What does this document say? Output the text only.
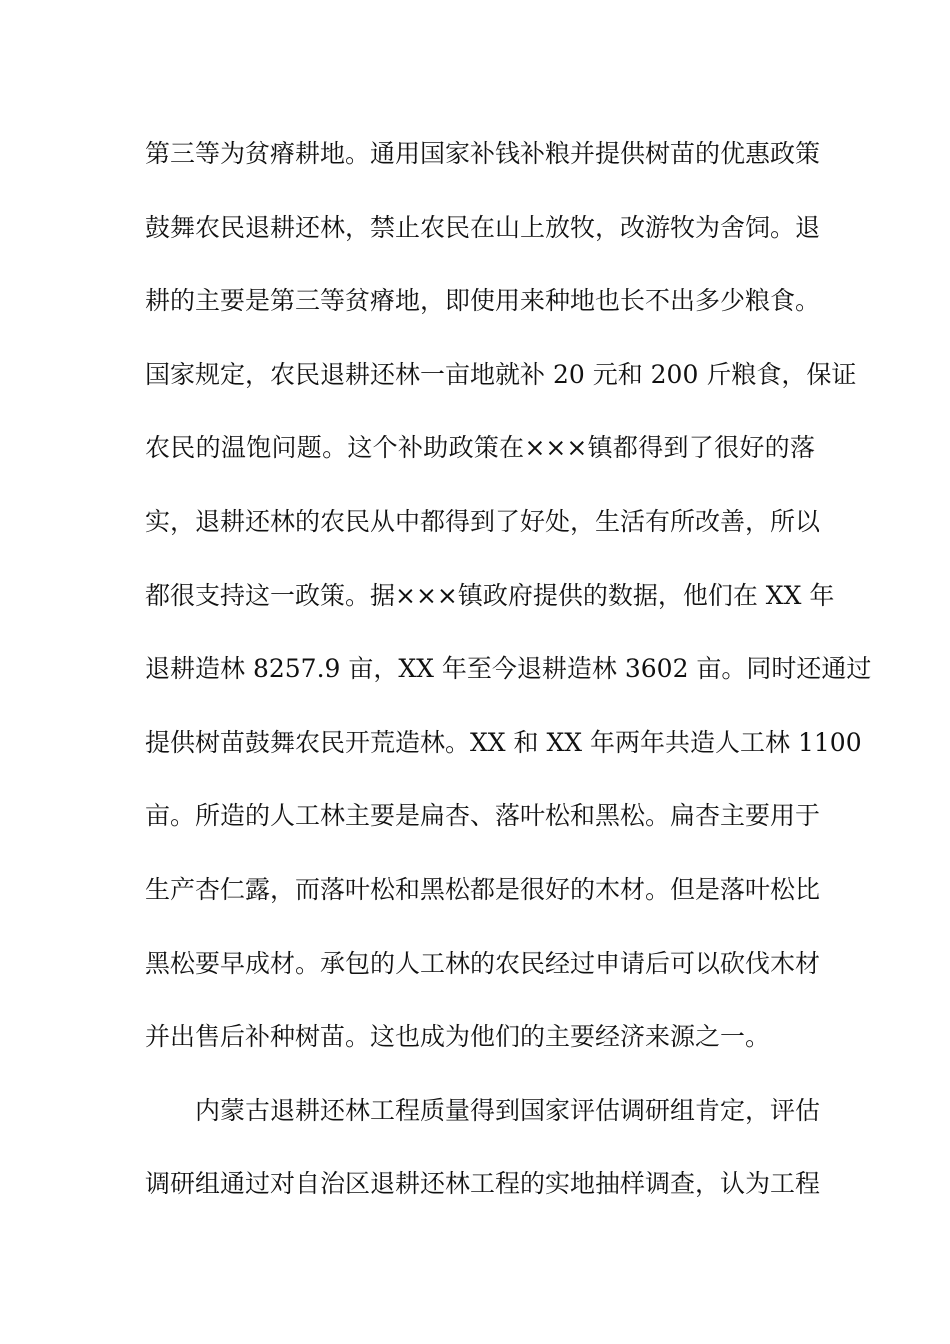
第三等为贫瘠耕地。通用国家补钱补粮并提供树苗的优惠政策
鼓舞农民退耕还林，禁止农民在山上放牧，改游牧为舍饲。退
耕的主要是第三等贫瘠地，即使用来种地也长不出多少粮食。
国家规定，农民退耕还林一亩地就补 20 元和 200 斤粮食，保证
农民的温饱问题。这个补助政策在×××镇都得到了很好的落
实，退耕还林的农民从中都得到了好处，生活有所改善，所以
都很支持这一政策。据×××镇政府提供的数据，他们在 XX 年
退耕造林 8257.9 亩，XX 年至今退耕造林 3602 亩。同时还通过
提供树苗鼓舞农民开荒造林。XX 和 XX 年两年共造人工林 1100
亩。所造的人工林主要是扁杏、落叶松和黑松。扁杏主要用于
生产杏仁露，而落叶松和黑松都是很好的木材。但是落叶松比
黑松要早成材。承包的人工林的农民经过申请后可以砍伐木材
并出售后补种树苗。这也成为他们的主要经济来源之一。
内蒙古退耕还林工程质量得到国家评估调研组肯定，评估
调研组通过对自治区退耕还林工程的实地抽样调查，认为工程
